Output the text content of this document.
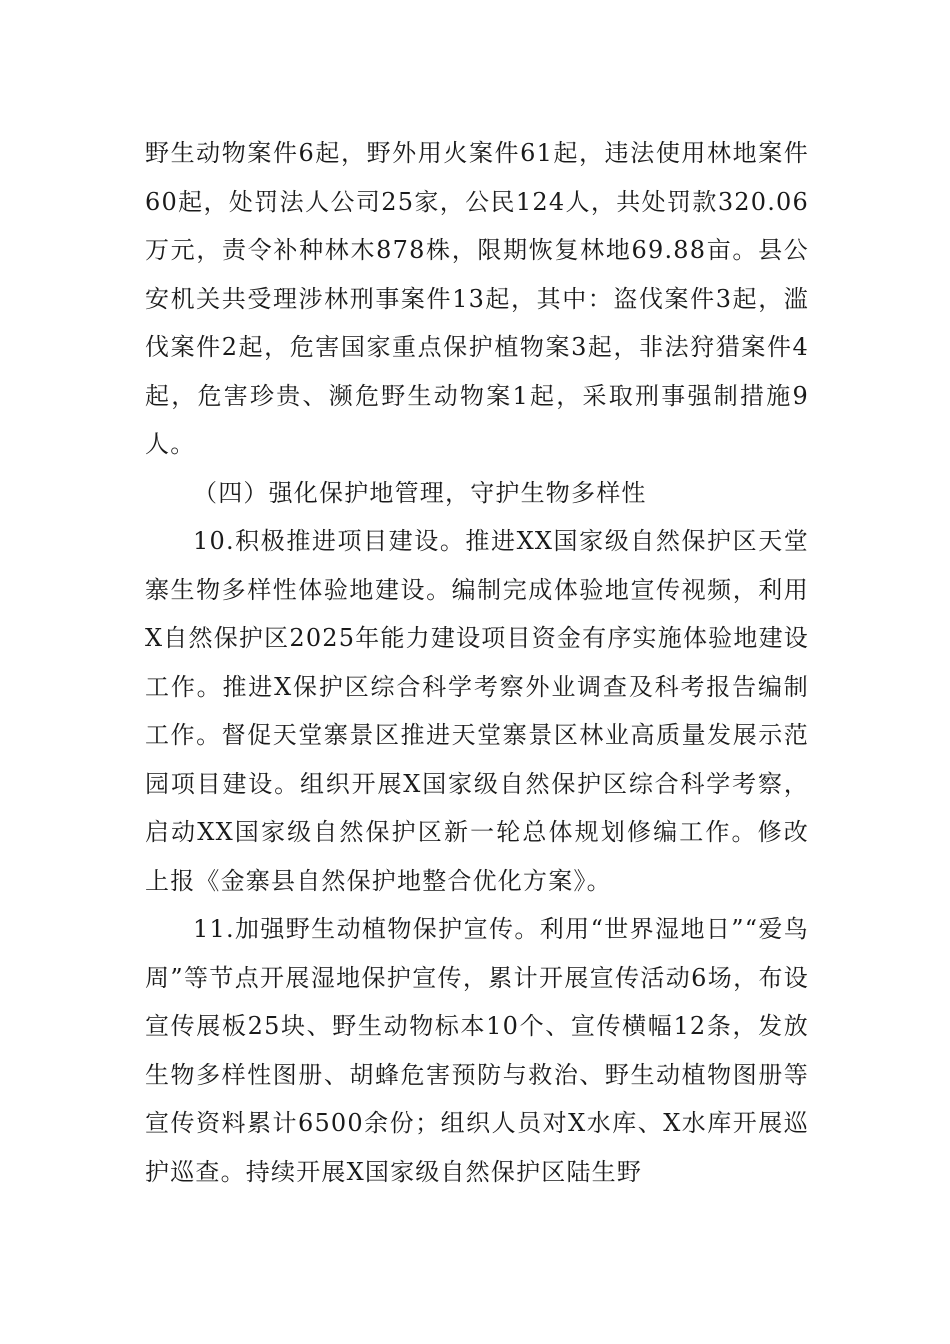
野生动物案件6起，野外用火案件61起，违法使用林地案件60起，处罚法人公司25家，公民124人，共处罚款320.06万元，责令补种林木878株，限期恢复林地69.88亩。县公安机关共受理涉林刑事案件13起，其中：盗伐案件3起，滥伐案件2起，危害国家重点保护植物案3起，非法狩猎案件4起，危害珍贵、濒危野生动物案1起，采取刑事强制措施9人。

（四）强化保护地管理，守护生物多样性

10.积极推进项目建设。推进XX国家级自然保护区天堂寨生物多样性体验地建设。编制完成体验地宣传视频，利用X自然保护区2025年能力建设项目资金有序实施体验地建设工作。推进X保护区综合科学考察外业调查及科考报告编制工作。督促天堂寨景区推进天堂寨景区林业高质量发展示范园项目建设。组织开展X国家级自然保护区综合科学考察，启动XX国家级自然保护区新一轮总体规划修编工作。修改上报《金寨县自然保护地整合优化方案》。

11.加强野生动植物保护宣传。利用“世界湿地日”“爱鸟周”等节点开展湿地保护宣传，累计开展宣传活动6场，布设宣传展板25块、野生动物标本10个、宣传横幅12条，发放生物多样性图册、胡蜂危害预防与救治、野生动植物图册等宣传资料累计6500余份；组织人员对X水库、X水库开展巡护巡查。持续开展X国家级自然保护区陆生野
